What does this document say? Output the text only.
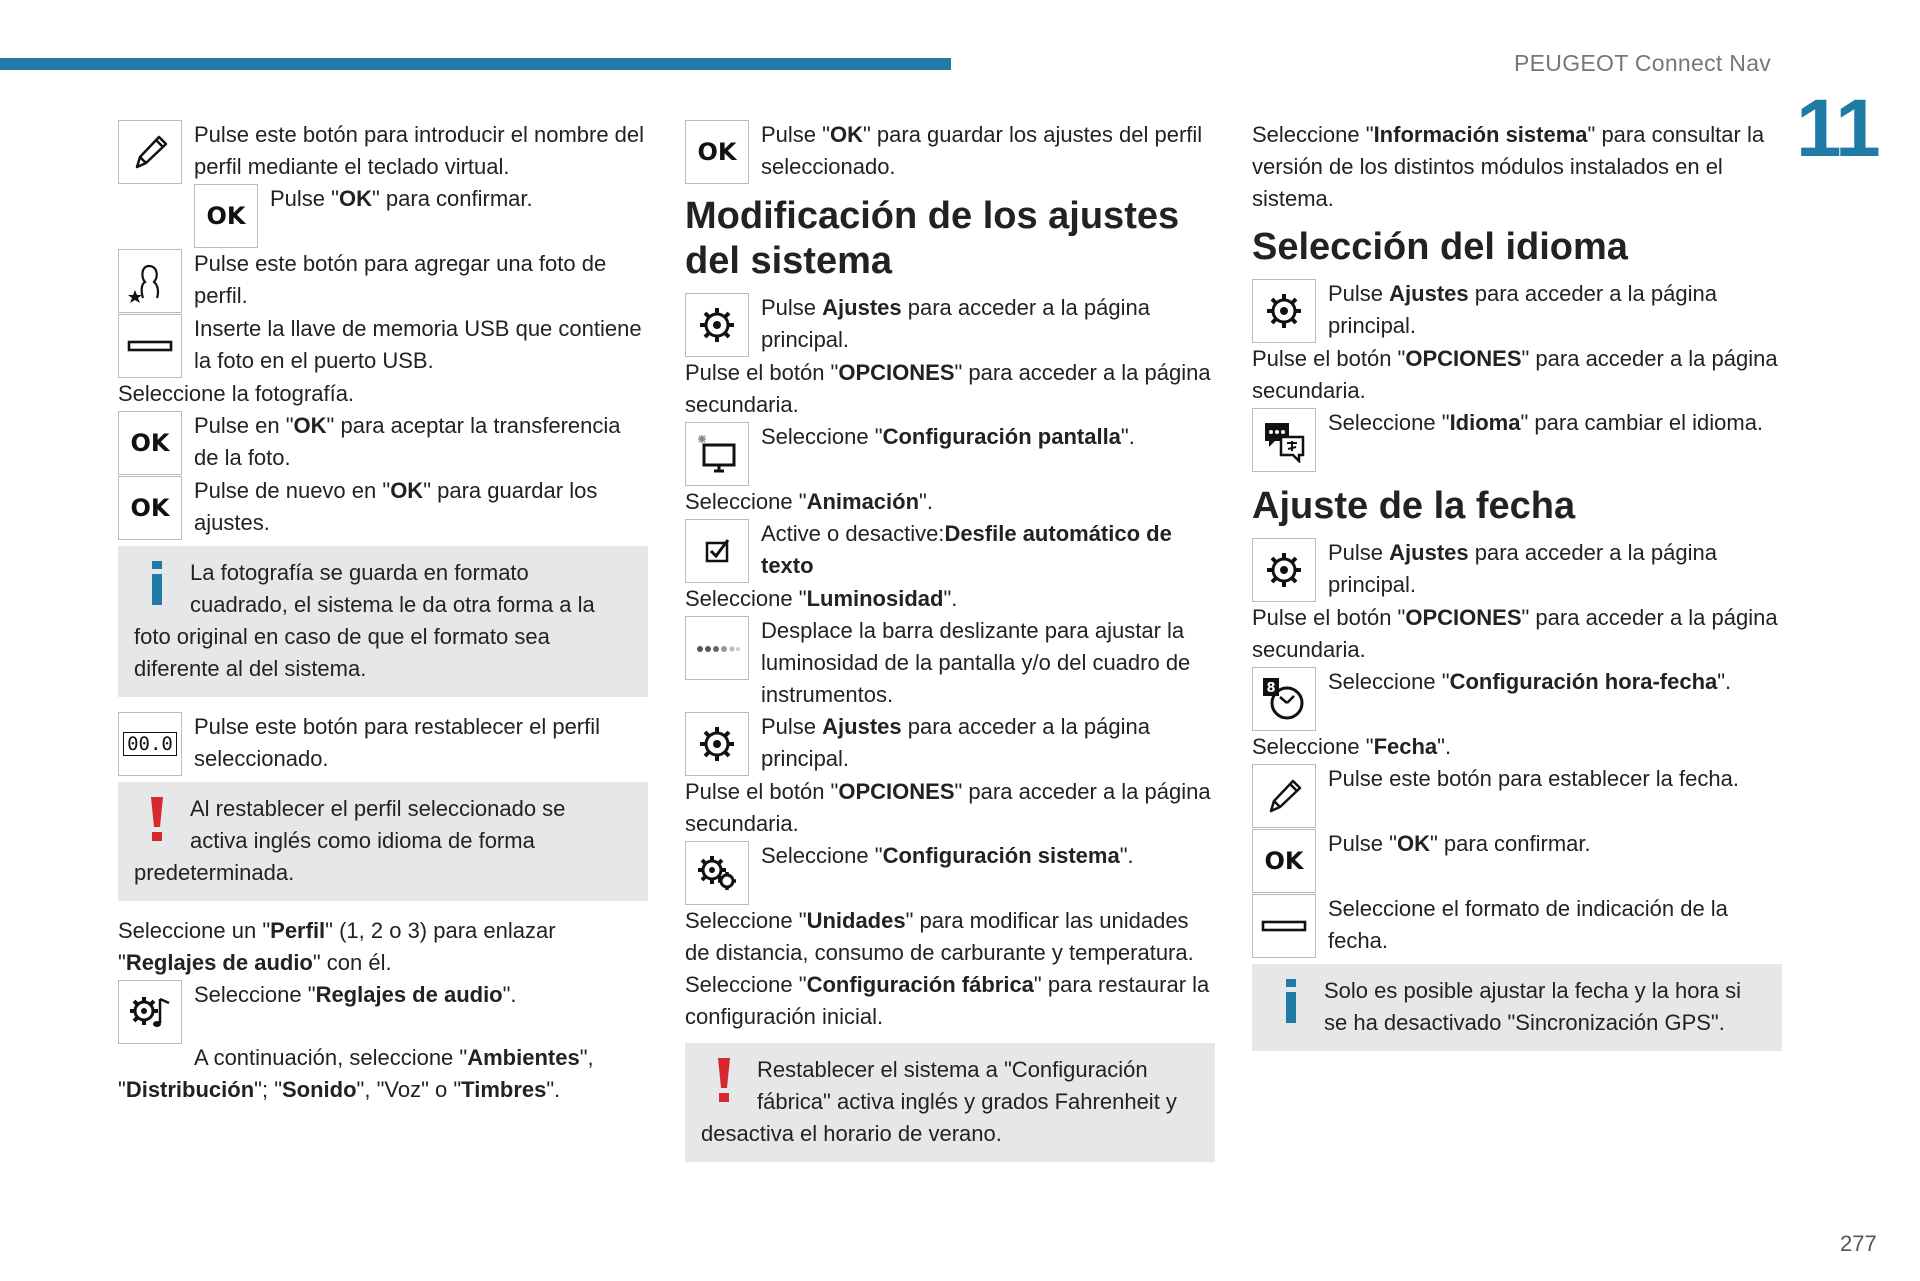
PEUGEOT Connect Nav
11
277

Pulse este botón para introducir el nombre del perfil mediante el teclado virtual.

OK

Pulse "OK" para confirmar.

Pulse este botón para agregar una foto de perfil.

Inserte la llave de memoria USB que contiene la foto en el puerto USB.

Seleccione la fotografía.

OK

Pulse en "OK" para aceptar la transferencia de la foto.

OK

Pulse de nuevo en "OK" para guardar los ajustes.

La fotografía se guarda en formato cuadrado, el sistema le da otra forma a la foto original en caso de que el formato sea diferente al del sistema.

00.0

Pulse este botón para restablecer el perfil seleccionado.

Al restablecer el perfil seleccionado se activa inglés como idioma de forma predeterminada.

Seleccione un "Perfil" (1, 2 o 3) para enlazar "Reglajes de audio" con él.

Seleccione "Reglajes de audio".

A continuación, seleccione "Ambientes", "Distribución"; "Sonido", "Voz" o "Timbres".

OK

Pulse "OK" para guardar los ajustes del perfil seleccionado.

Modificación de los ajustes del sistema

Pulse Ajustes para acceder a la página principal.

Pulse el botón "OPCIONES" para acceder a la página secundaria.

Seleccione "Configuración pantalla".

Seleccione "Animación".

Active o desactive:Desfile automático de texto

Seleccione "Luminosidad".

Desplace la barra deslizante para ajustar la luminosidad de la pantalla y/o del cuadro de instrumentos.

Pulse Ajustes para acceder a la página principal.

Pulse el botón "OPCIONES" para acceder a la página secundaria.

Seleccione "Configuración sistema".

Seleccione "Unidades" para modificar las unidades de distancia, consumo de carburante y temperatura.

Seleccione "Configuración fábrica" para restaurar la configuración inicial.

Restablecer el sistema a "Configuración fábrica" activa inglés y grados Fahrenheit y desactiva el horario de verano.

Seleccione "Información sistema" para consultar la versión de los distintos módulos instalados en el sistema.

Selección del idioma

Pulse Ajustes para acceder a la página principal.

Pulse el botón "OPCIONES" para acceder a la página secundaria.

Seleccione "Idioma" para cambiar el idioma.

Ajuste de la fecha

Pulse Ajustes para acceder a la página principal.

Pulse el botón "OPCIONES" para acceder a la página secundaria.

8	Seleccione "Configuración hora-fecha".

Seleccione "Fecha".

Pulse este botón para establecer la fecha.

OK

Pulse "OK" para confirmar.

Seleccione el formato de indicación de la fecha.

Solo es posible ajustar la fecha y la hora si se ha desactivado "Sincronización GPS".
